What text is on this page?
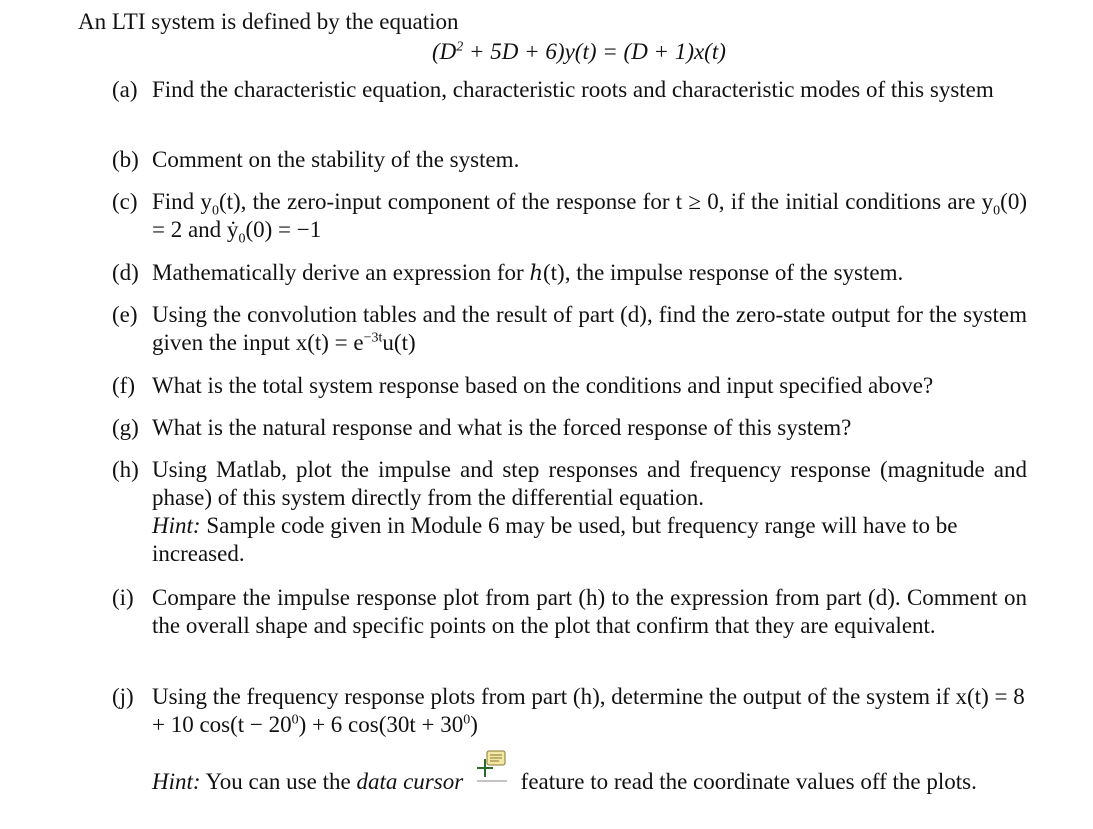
An LTI system is defined by the equation
$(D^2 + 5D + 6)y(t) = (D + 1)x(t)$
(a) Find the characteristic equation, characteristic roots and characteristic modes of this system

(b) Comment on the stability of the system.

(c) Find $y_0(t)$, the zero-input component of the response for t ≥ 0, if the initial conditions are $y_0(0) = 2$ and ẏ$_0$(0) = −1

(d) Mathematically derive an expression for h(t), the impulse response of the system.

(e) Using the convolution tables and the result of part (d), find the zero-state output for the system given the input $x(t) = e^{-3t}u(t)$

(f) What is the total system response based on the conditions and input specified above?

(g) What is the natural response and what is the forced response of this system?

(h) Using Matlab, plot the impulse and step responses and frequency response (magnitude and phase) of this system directly from the differential equation.

Hint: Sample code given in Module 6 may be used, but frequency range will have to be increased.

(i) Compare the impulse response plot from part (h) to the expression from part (d). Comment on the overall shape and specific points on the plot that confirm that they are equivalent.

(j) Using the frequency response plots from part (h), determine the output of the system if x(t) = 8 + 10 $\cos(t - 20^0) + 6$ $\cos(30t + 30^0)$

Hint: You can use the data cursor  feature to read the coordinate values off the plots.
